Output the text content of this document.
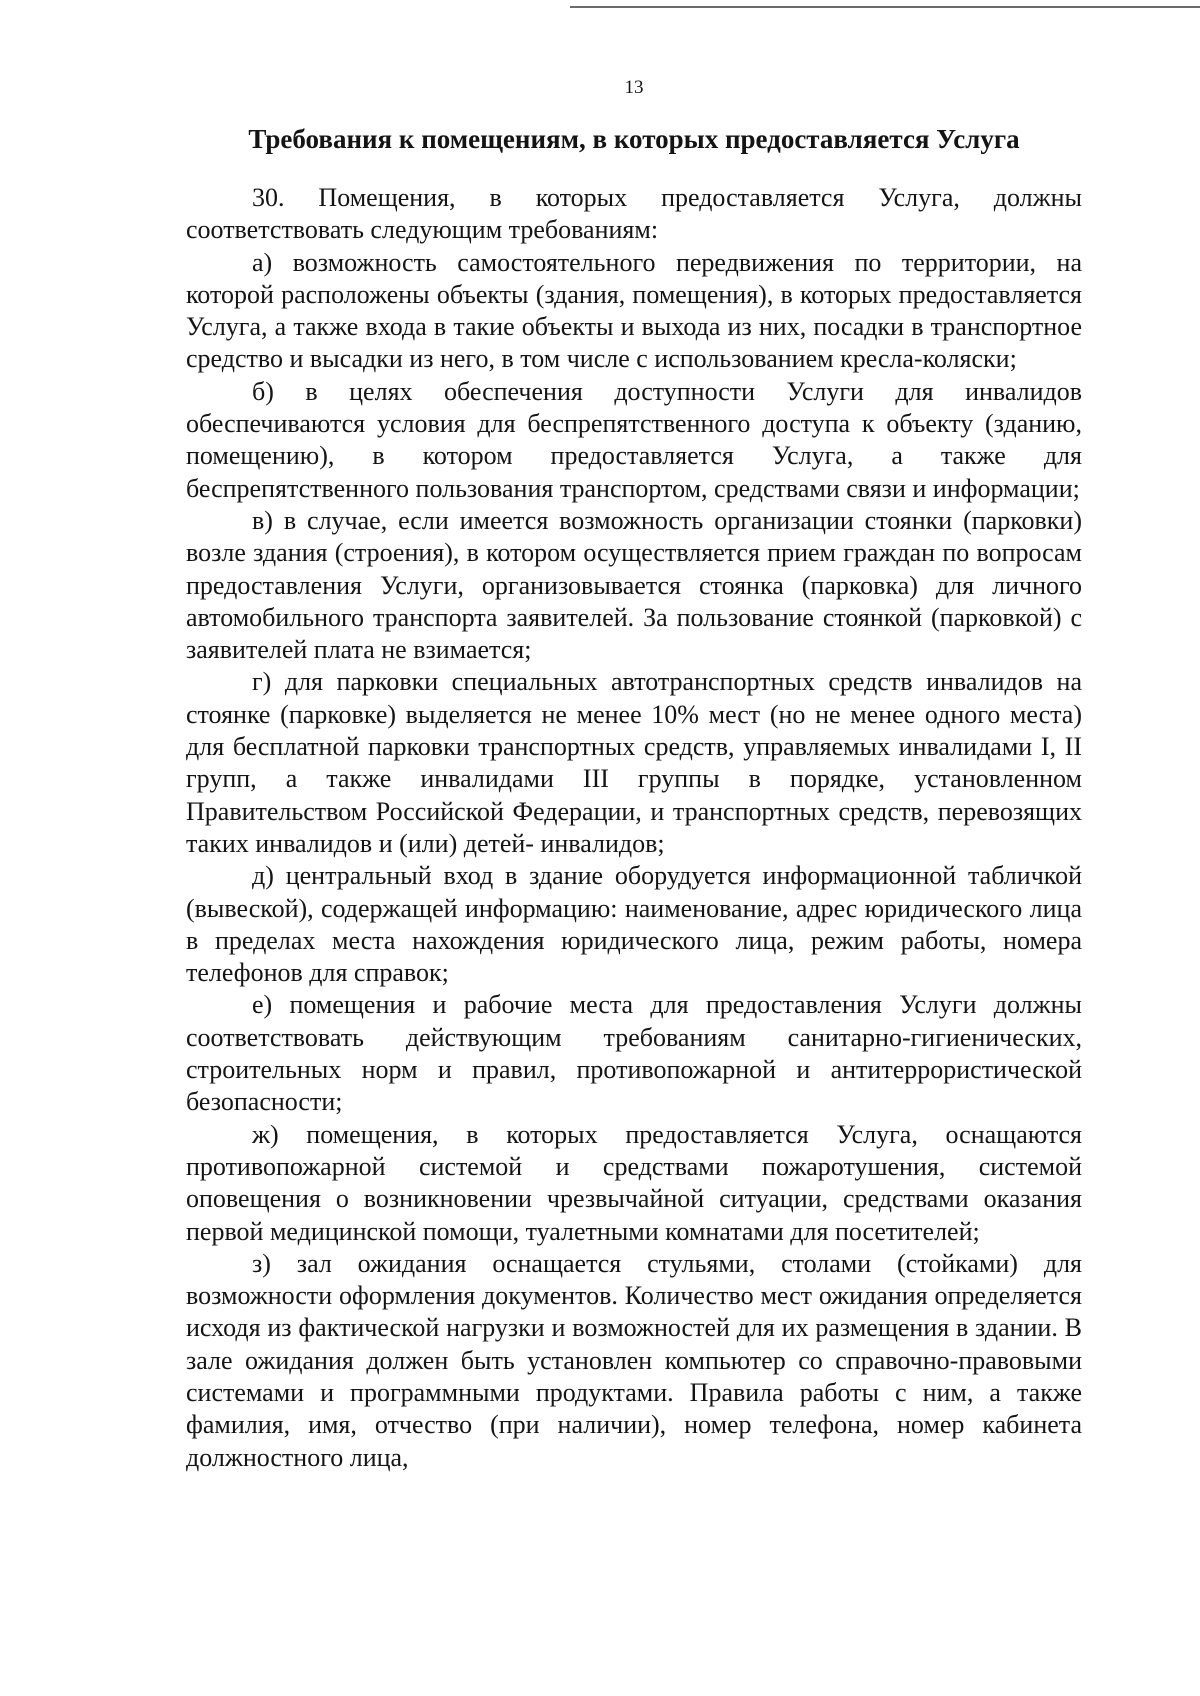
13
Требования к помещениям, в которых предоставляется Услуга

30. Помещения, в которых предоставляется Услуга, должны соответствовать следующим требованиям:

а) возможность самостоятельного передвижения по территории, на которой расположены объекты (здания, помещения), в которых предоставляется Услуга, а также входа в такие объекты и выхода из них, посадки в транспортное средство и высадки из него, в том числе с использованием кресла-коляски;

б) в целях обеспечения доступности Услуги для инвалидов обеспечиваются условия для беспрепятственного доступа к объекту (зданию, помещению), в котором предоставляется Услуга, а также для беспрепятственного пользования транспортом, средствами связи и информации;

в) в случае, если имеется возможность организации стоянки (парковки) возле здания (строения), в котором осуществляется прием граждан по вопросам предоставления Услуги, организовывается стоянка (парковка) для личного автомобильного транспорта заявителей. За пользование стоянкой (парковкой) с заявителей плата не взимается;

г) для парковки специальных автотранспортных средств инвалидов на стоянке (парковке) выделяется не менее 10% мест (но не менее одного места) для бесплатной парковки транспортных средств, управляемых инвалидами I, II групп, а также инвалидами III группы в порядке, установленном Правительством Российской Федерации, и транспортных средств, перевозящих таких инвалидов и (или) детей- инвалидов;

д) центральный вход в здание оборудуется информационной табличкой (вывеской), содержащей информацию: наименование, адрес юридического лица в пределах места нахождения юридического лица, режим работы, номера телефонов для справок;

е) помещения и рабочие места для предоставления Услуги должны соответствовать действующим требованиям санитарно-гигиенических, строительных норм и правил, противопожарной и антитеррористической безопасности;

ж) помещения, в которых предоставляется Услуга, оснащаются противопожарной системой и средствами пожаротушения, системой оповещения о возникновении чрезвычайной ситуации, средствами оказания первой медицинской помощи, туалетными комнатами для посетителей;

з) зал ожидания оснащается стульями, столами (стойками) для возможности оформления документов. Количество мест ожидания определяется исходя из фактической нагрузки и возможностей для их размещения в здании. В зале ожидания должен быть установлен компьютер со справочно-правовыми системами и программными продуктами. Правила работы с ним, а также фамилия, имя, отчество (при наличии), номер телефона, номер кабинета должностного лица,
